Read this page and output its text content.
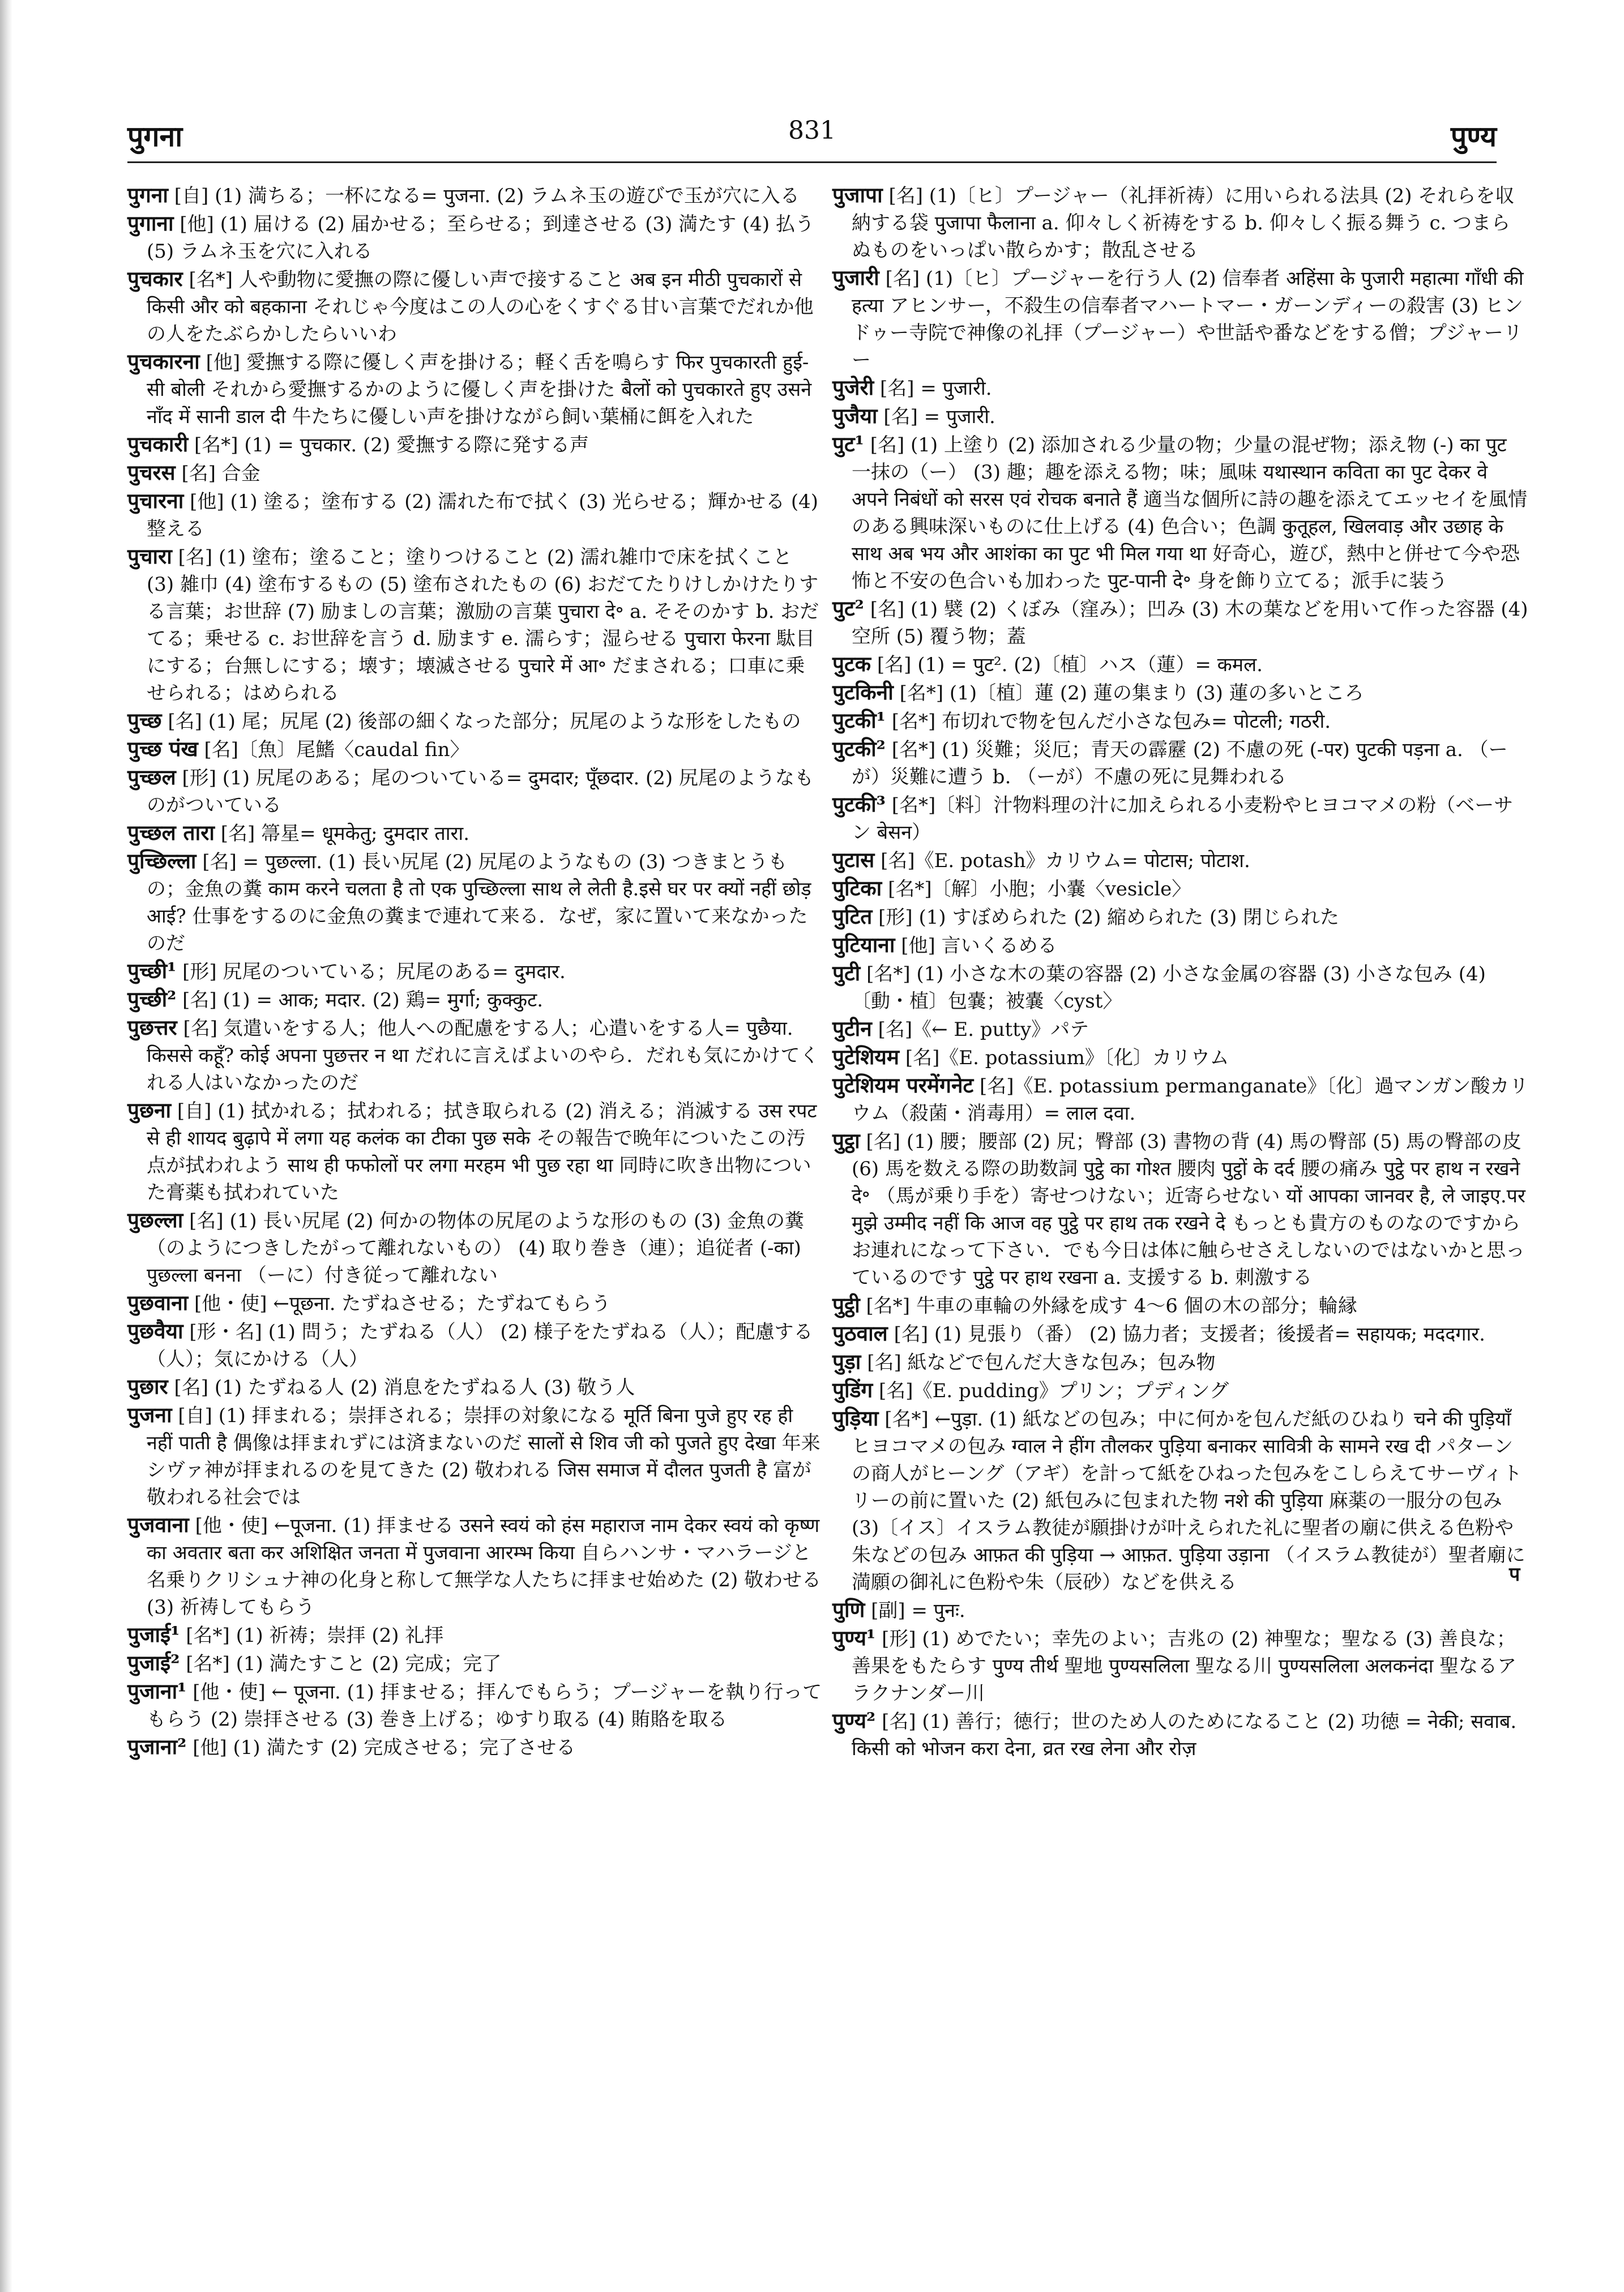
पुगना	831	पुण्य

पुगना [自] (1) 満ちる；一杯になる= पुजना. (2) ラムネ玉の遊びで玉が穴に入る

पुगाना [他] (1) 届ける (2) 届かせる；至らせる；到達させる (3) 満たす (4) 払う (5) ラムネ玉を穴に入れる

पुचकार [名*] 人や動物に愛撫の際に優しい声で接すること अब इन मीठी पुचकारों से किसी और को बहकाना それじゃ今度はこの人の心をくすぐる甘い言葉でだれか他の人をたぶらかしたらいいわ

पुचकारना [他] 愛撫する際に優しく声を掛ける；軽く舌を鳴らす फिर पुचकारती हुई-सी बोली それから愛撫するかのように優しく声を掛けた बैलों को पुचकारते हुए उसने नाँद में सानी डाल दी 牛たちに優しい声を掛けながら飼い葉桶に餌を入れた

पुचकारी [名*] (1) = पुचकार. (2) 愛撫する際に発する声

पुचरस [名] 合金

पुचारना [他] (1) 塗る；塗布する (2) 濡れた布で拭く (3) 光らせる；輝かせる (4) 整える

पुचारा [名] (1) 塗布；塗ること；塗りつけること (2) 濡れ雑巾で床を拭くこと (3) 雑巾 (4) 塗布するもの (5) 塗布されたもの (6) おだてたりけしかけたりする言葉；お世辞 (7) 励ましの言葉；激励の言葉 पुचारा दे॰ a. そそのかす b. おだてる；乗せる c. お世辞を言う d. 励ます e. 濡らす；湿らせる पुचारा फेरना 駄目にする；台無しにする；壊す；壊滅させる पुचारे में आ॰ だまされる；口車に乗せられる；はめられる

पुच्छ [名] (1) 尾；尻尾 (2) 後部の細くなった部分；尻尾のような形をしたもの

पुच्छ पंख [名]〔魚〕尾鰭〈caudal fin〉

पुच्छल [形] (1) 尻尾のある；尾のついている= दुमदार; पूँछदार. (2) 尻尾のようなものがついている

पुच्छल तारा [名] 箒星= धूमकेतु; दुमदार तारा.

पुच्छिल्ला [名] = पुछल्ला. (1) 長い尻尾 (2) 尻尾のようなもの (3) つきまとうもの；金魚の糞 काम करने चलता है तो एक पुच्छिल्ला साथ ले लेती है.इसे घर पर क्यों नहीं छोड़ आई? 仕事をするのに金魚の糞まで連れて来る．なぜ，家に置いて来なかったのだ

पुच्छी¹ [形] 尻尾のついている；尻尾のある= दुमदार.

पुच्छी² [名] (1) = आक; मदार. (2) 鶏= मुर्गा; कुक्कुट.

पुछत्तर [名] 気遣いをする人；他人への配慮をする人；心遣いをする人= पुछैया. किससे कहूँ? कोई अपना पुछत्तर न था だれに言えばよいのやら．だれも気にかけてくれる人はいなかったのだ

पुछना [自] (1) 拭かれる；拭われる；拭き取られる (2) 消える；消滅する उस रपट से ही शायद बुढ़ापे में लगा यह कलंक का टीका पुछ सके その報告で晩年についたこの汚点が拭われよう साथ ही फफोलों पर लगा मरहम भी पुछ रहा था 同時に吹き出物についた膏薬も拭われていた

पुछल्ला [名] (1) 長い尻尾 (2) 何かの物体の尻尾のような形のもの (3) 金魚の糞（のようにつきしたがって離れないもの） (4) 取り巻き（連）；追従者 (-का) पुछल्ला बनना （ーに）付き従って離れない

पुछवाना [他・使] ←पूछना. たずねさせる；たずねてもらう

पुछवैया [形・名] (1) 問う；たずねる（人） (2) 様子をたずねる（人）；配慮する（人）；気にかける（人）

पुछार [名] (1) たずねる人 (2) 消息をたずねる人 (3) 敬う人

पुजना [自] (1) 拝まれる；崇拝される；崇拝の対象になる मूर्ति बिना पुजे हुए रह ही नहीं पाती है 偶像は拝まれずには済まないのだ सालों से शिव जी को पुजते हुए देखा 年来シヴァ神が拝まれるのを見てきた (2) 敬われる जिस समाज में दौलत पुजती है 富が敬われる社会では

पुजवाना [他・使] ←पूजना. (1) 拝ませる उसने स्वयं को हंस महाराज नाम देकर स्वयं को कृष्ण का अवतार बता कर अशिक्षित जनता में पुजवाना आरम्भ किया 自らハンサ・マハラージと名乗りクリシュナ神の化身と称して無学な人たちに拝ませ始めた (2) 敬わせる (3) 祈祷してもらう

पुजाई¹ [名*] (1) 祈祷；崇拝 (2) 礼拝

पुजाई² [名*] (1) 満たすこと (2) 完成；完了

पुजाना¹ [他・使] ← पूजना. (1) 拝ませる；拝んでもらう；プージャーを執り行ってもらう (2) 崇拝させる (3) 巻き上げる；ゆすり取る (4) 賄賂を取る

पुजाना² [他] (1) 満たす (2) 完成させる；完了させる

पुजापा [名] (1)〔ヒ〕プージャー（礼拝祈祷）に用いられる法具 (2) それらを収納する袋 पुजापा फैलाना a. 仰々しく祈祷をする b. 仰々しく振る舞う c. つまらぬものをいっぱい散らかす；散乱させる

पुजारी [名] (1)〔ヒ〕プージャーを行う人 (2) 信奉者 अहिंसा के पुजारी महात्मा गाँधी की हत्या アヒンサー，不殺生の信奉者マハートマー・ガーンディーの殺害 (3) ヒンドゥー寺院で神像の礼拝（プージャー）や世話や番などをする僧；プジャーリー

पुजेरी [名] = पुजारी.

पुजैया [名] = पुजारी.

पुट¹ [名] (1) 上塗り (2) 添加される少量の物；少量の混ぜ物；添え物 (-) का पुट 一抹の（ー） (3) 趣；趣を添える物；味；風味 यथास्थान कविता का पुट देकर वे अपने निबंधों को सरस एवं रोचक बनाते हैं 適当な個所に詩の趣を添えてエッセイを風情のある興味深いものに仕上げる (4) 色合い；色調 कुतूहल, खिलवाड़ और उछाह के साथ अब भय और आशंका का पुट भी मिल गया था 好奇心，遊び，熱中と併せて今や恐怖と不安の色合いも加わった पुट-पानी दे॰ 身を飾り立てる；派手に装う

पुट² [名] (1) 襞 (2) くぼみ（窪み）；凹み (3) 木の葉などを用いて作った容器 (4) 空所 (5) 覆う物；蓋

पुटक [名] (1) = पुट². (2)〔植〕ハス（蓮）= कमल.

पुटकिनी [名*] (1)〔植〕蓮 (2) 蓮の集まり (3) 蓮の多いところ

पुटकी¹ [名*] 布切れで物を包んだ小さな包み= पोटली; गठरी.

पुटकी² [名*] (1) 災難；災厄；青天の霹靂 (2) 不慮の死 (-पर) पुटकी पड़ना a. （ーが）災難に遭う b. （ーが）不慮の死に見舞われる

पुटकी³ [名*]〔料〕汁物料理の汁に加えられる小麦粉やヒヨコマメの粉（ベーサン बेसन）

पुटास [名]《E. potash》カリウム= पोटास; पोटाश.

पुटिका [名*]〔解〕小胞；小嚢〈vesicle〉

पुटित [形] (1) すぼめられた (2) 縮められた (3) 閉じられた

पुटियाना [他] 言いくるめる

पुटी [名*] (1) 小さな木の葉の容器 (2) 小さな金属の容器 (3) 小さな包み (4)〔動・植〕包嚢；被嚢〈cyst〉

पुटीन [名]《← E. putty》パテ

पुटेशियम [名]《E. potassium》〔化〕カリウム

पुटेशियम परमेंगनेट [名]《E. potassium permanganate》〔化〕過マンガン酸カリウム（殺菌・消毒用）= लाल दवा.

पुट्ठा [名] (1) 腰；腰部 (2) 尻；臀部 (3) 書物の背 (4) 馬の臀部 (5) 馬の臀部の皮 (6) 馬を数える際の助数詞 पुट्ठे का गोश्त 腰肉 पुट्ठों के दर्द 腰の痛み पुट्ठे पर हाथ न रखने दे॰ （馬が乗り手を）寄せつけない；近寄らせない यों आपका जानवर है, ले जाइए.पर मुझे उम्मीद नहीं कि आज वह पुट्ठे पर हाथ तक रखने दे もっとも貴方のものなのですからお連れになって下さい．でも今日は体に触らせさえしないのではないかと思っているのです पुट्ठे पर हाथ रखना a. 支援する b. 刺激する

पुट्ठी [名*] 牛車の車輪の外縁を成す 4〜6 個の木の部分；輪縁

पुठवाल [名] (1) 見張り（番） (2) 協力者；支援者；後援者= सहायक; मददगार.

पुड़ा [名] 紙などで包んだ大きな包み；包み物

पुडिंग [名]《E. pudding》プリン；プディング

पुड़िया [名*] ←पुड़ा. (1) 紙などの包み；中に何かを包んだ紙のひねり चने की पुड़ियाँ ヒヨコマメの包み ग्वाल ने हींग तौलकर पुड़िया बनाकर सावित्री के सामने रख दी パターンの商人がヒーング（アギ）を計って紙をひねった包みをこしらえてサーヴィトリーの前に置いた (2) 紙包みに包まれた物 नशे की पुड़िया 麻薬の一服分の包み (3)〔イス〕イスラム教徒が願掛けが叶えられた礼に聖者の廟に供える色粉や朱などの包み आफ़त की पुड़िया → आफ़त. पुड़िया उड़ाना （イスラム教徒が）聖者廟に満願の御礼に色粉や朱（辰砂）などを供える

पुणि [副] = पुनः.

पुण्य¹ [形] (1) めでたい；幸先のよい；吉兆の (2) 神聖な；聖なる (3) 善良な；善果をもたらす पुण्य तीर्थ 聖地 पुण्यसलिला 聖なる川 पुण्यसलिला अलकनंदा 聖なるアラクナンダー川

पुण्य² [名] (1) 善行；徳行；世のため人のためになること (2) 功徳 = नेकी; सवाब. किसी को भोजन करा देना, व्रत रख लेना और रोज़

प
